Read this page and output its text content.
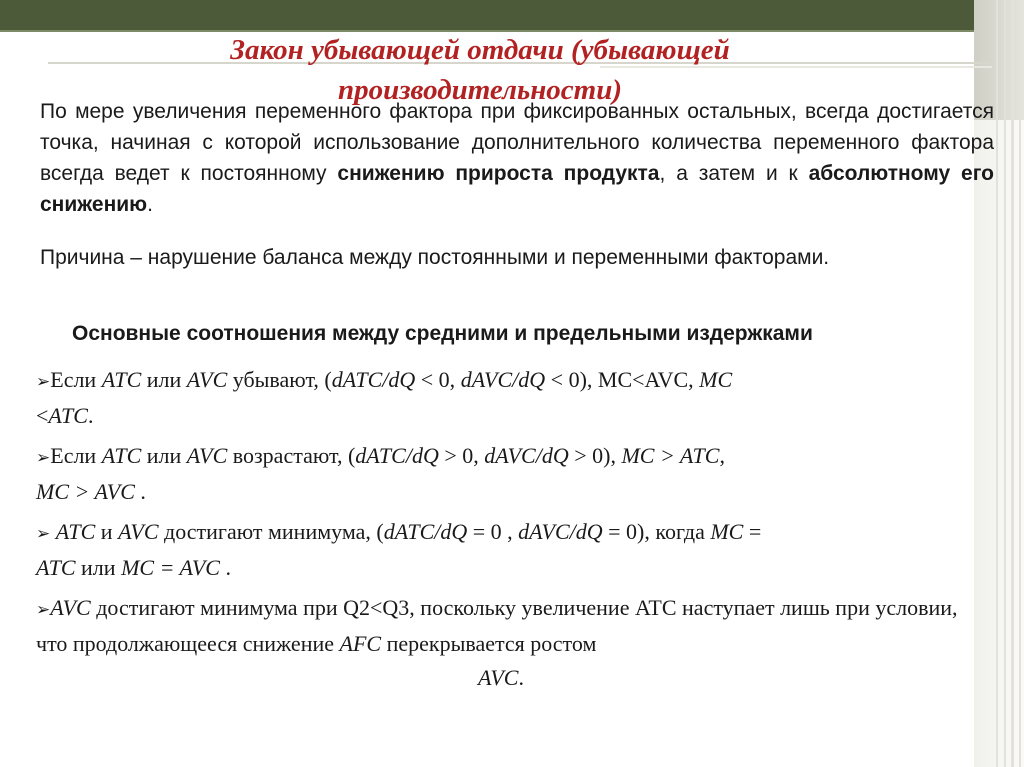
Закон убывающей отдачи (убывающей
производительности)

По мере увеличения переменного фактора при фиксированных остальных, всегда достигается точка, начиная с которой использование дополнительного количества переменного фактора всегда ведет к постоянному снижению прироста продукта, а затем и к абсолютному его снижению.

Причина – нарушение баланса между постоянными и переменными факторами.

Основные соотношения между средними и предельными издержками

➢Если ATC или AVC убывают, (dATC/dQ < 0, dAVC/dQ < 0), MC<AVC, MC
<ATC.

➢Если ATC или AVC возрастают, (dATC/dQ > 0, dAVC/dQ > 0), MC > ATC,
MC > AVC .

➢ ATC и AVC достигают минимума, (dATC/dQ = 0 , dAVC/dQ = 0), когда MC =
ATC или MC = AVC .

➢AVC достигают минимума при Q2<Q3, поскольку увеличение ATC наступает лишь при условии, что продолжающееся снижение AFC перекрывается ростом
AVC.
